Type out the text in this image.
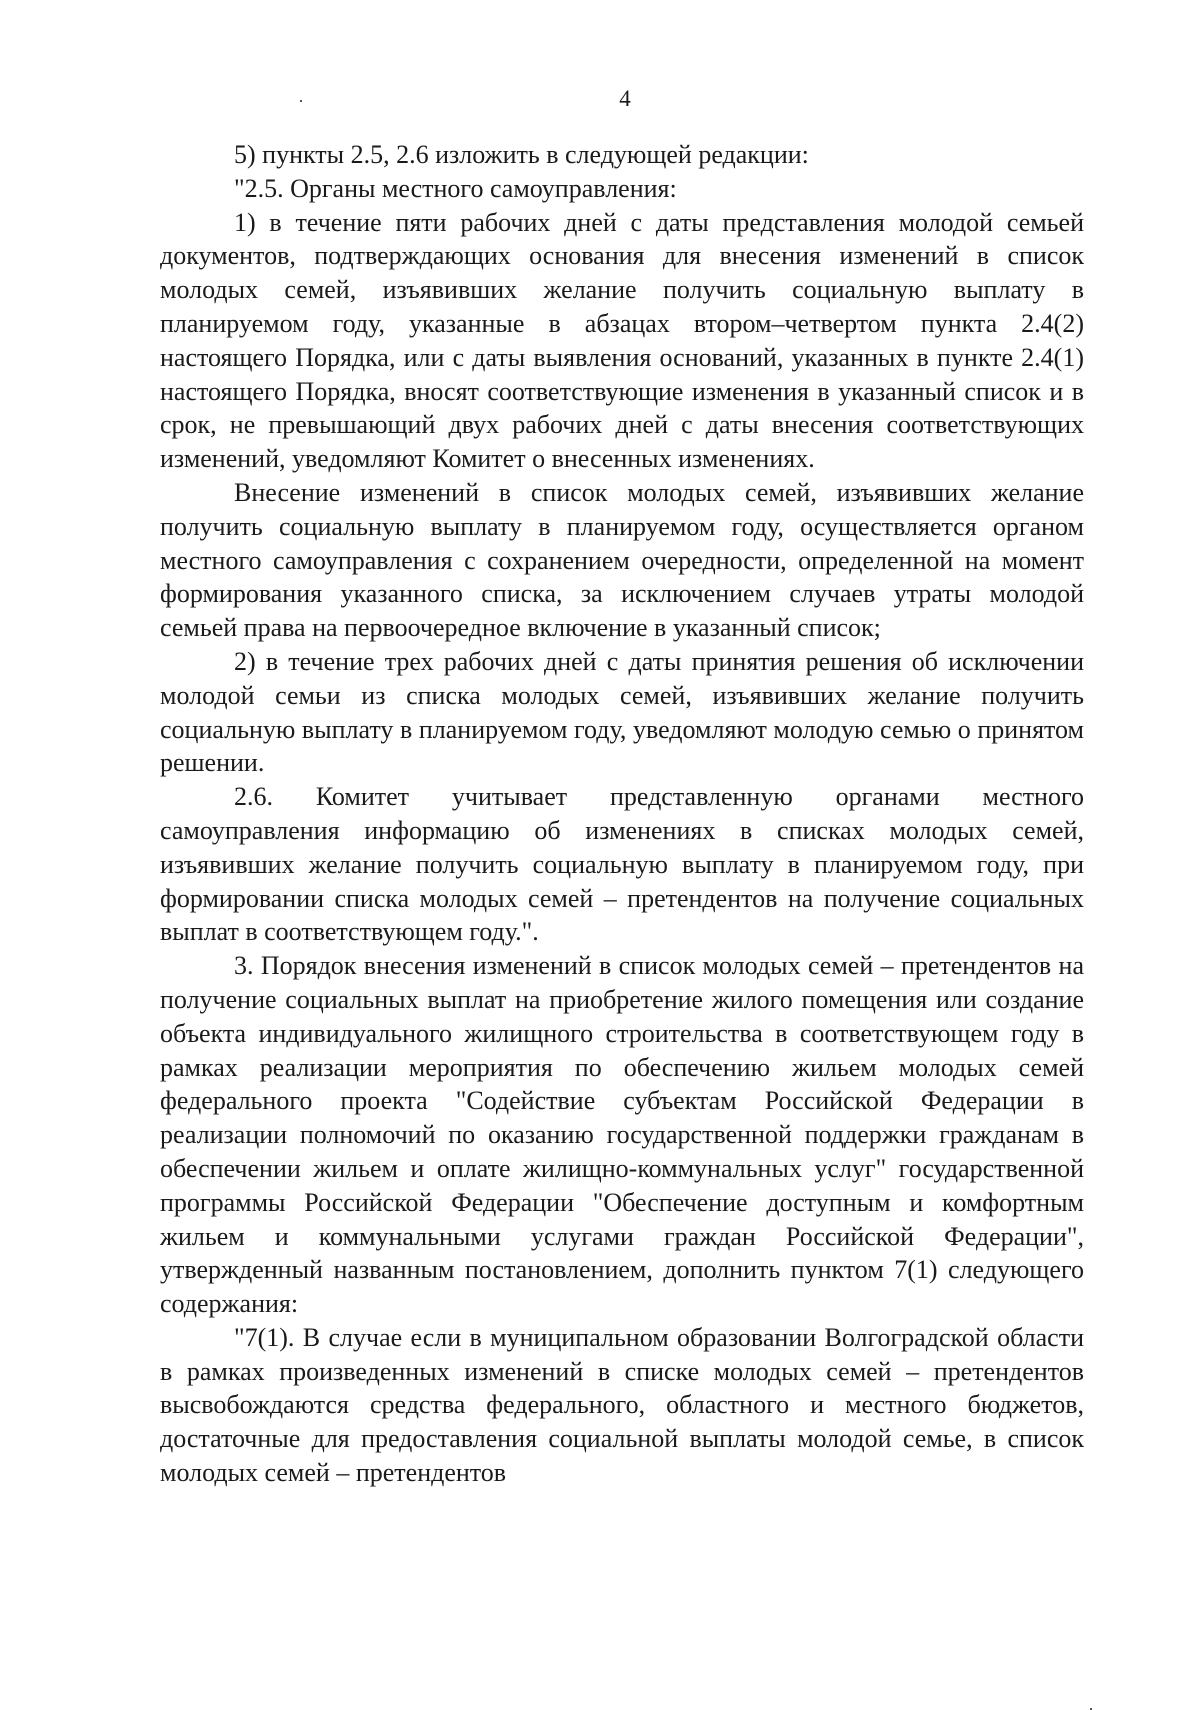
4

5) пункты 2.5, 2.6 изложить в следующей редакции:

"2.5. Органы местного самоуправления:

1) в течение пяти рабочих дней с даты представления молодой семьей документов, подтверждающих основания для внесения изменений в список молодых семей, изъявивших желание получить социальную выплату в планируемом году, указанные в абзацах втором–четвертом пункта 2.4(2) настоящего Порядка, или с даты выявления оснований, указанных в пункте 2.4(1) настоящего Порядка, вносят соответствующие изменения в указанный список и в срок, не превышающий двух рабочих дней с даты внесения соответствующих изменений, уведомляют Комитет о внесенных изменениях.

Внесение изменений в список молодых семей, изъявивших желание получить социальную выплату в планируемом году, осуществляется органом местного самоуправления с сохранением очередности, определенной на момент формирования указанного списка, за исключением случаев утраты молодой семьей права на первоочередное включение в указанный список;

2) в течение трех рабочих дней с даты принятия решения об исключении молодой семьи из списка молодых семей, изъявивших желание получить социальную выплату в планируемом году, уведомляют молодую семью о принятом решении.

2.6. Комитет учитывает представленную органами местного самоуправления информацию об изменениях в списках молодых семей, изъявивших желание получить социальную выплату в планируемом году, при формировании списка молодых семей – претендентов на получение социальных выплат в соответствующем году.".

3. Порядок внесения изменений в список молодых семей – претендентов на получение социальных выплат на приобретение жилого помещения или создание объекта индивидуального жилищного строительства в соответствующем году в рамках реализации мероприятия по обеспечению жильем молодых семей федерального проекта "Содействие субъектам Российской Федерации в реализации полномочий по оказанию государственной поддержки гражданам в обеспечении жильем и оплате жилищно-коммунальных услуг" государственной программы Российской Федерации "Обеспечение доступным и комфортным жильем и коммунальными услугами граждан Российской Федерации", утвержденный названным постановлением, дополнить пунктом 7(1) следующего содержания:

"7(1). В случае если в муниципальном образовании Волгоградской области в рамках произведенных изменений в списке молодых семей – претендентов высвобождаются средства федерального, областного и местного бюджетов, достаточные для предоставления социальной выплаты молодой семье, в список молодых семей – претендентов
